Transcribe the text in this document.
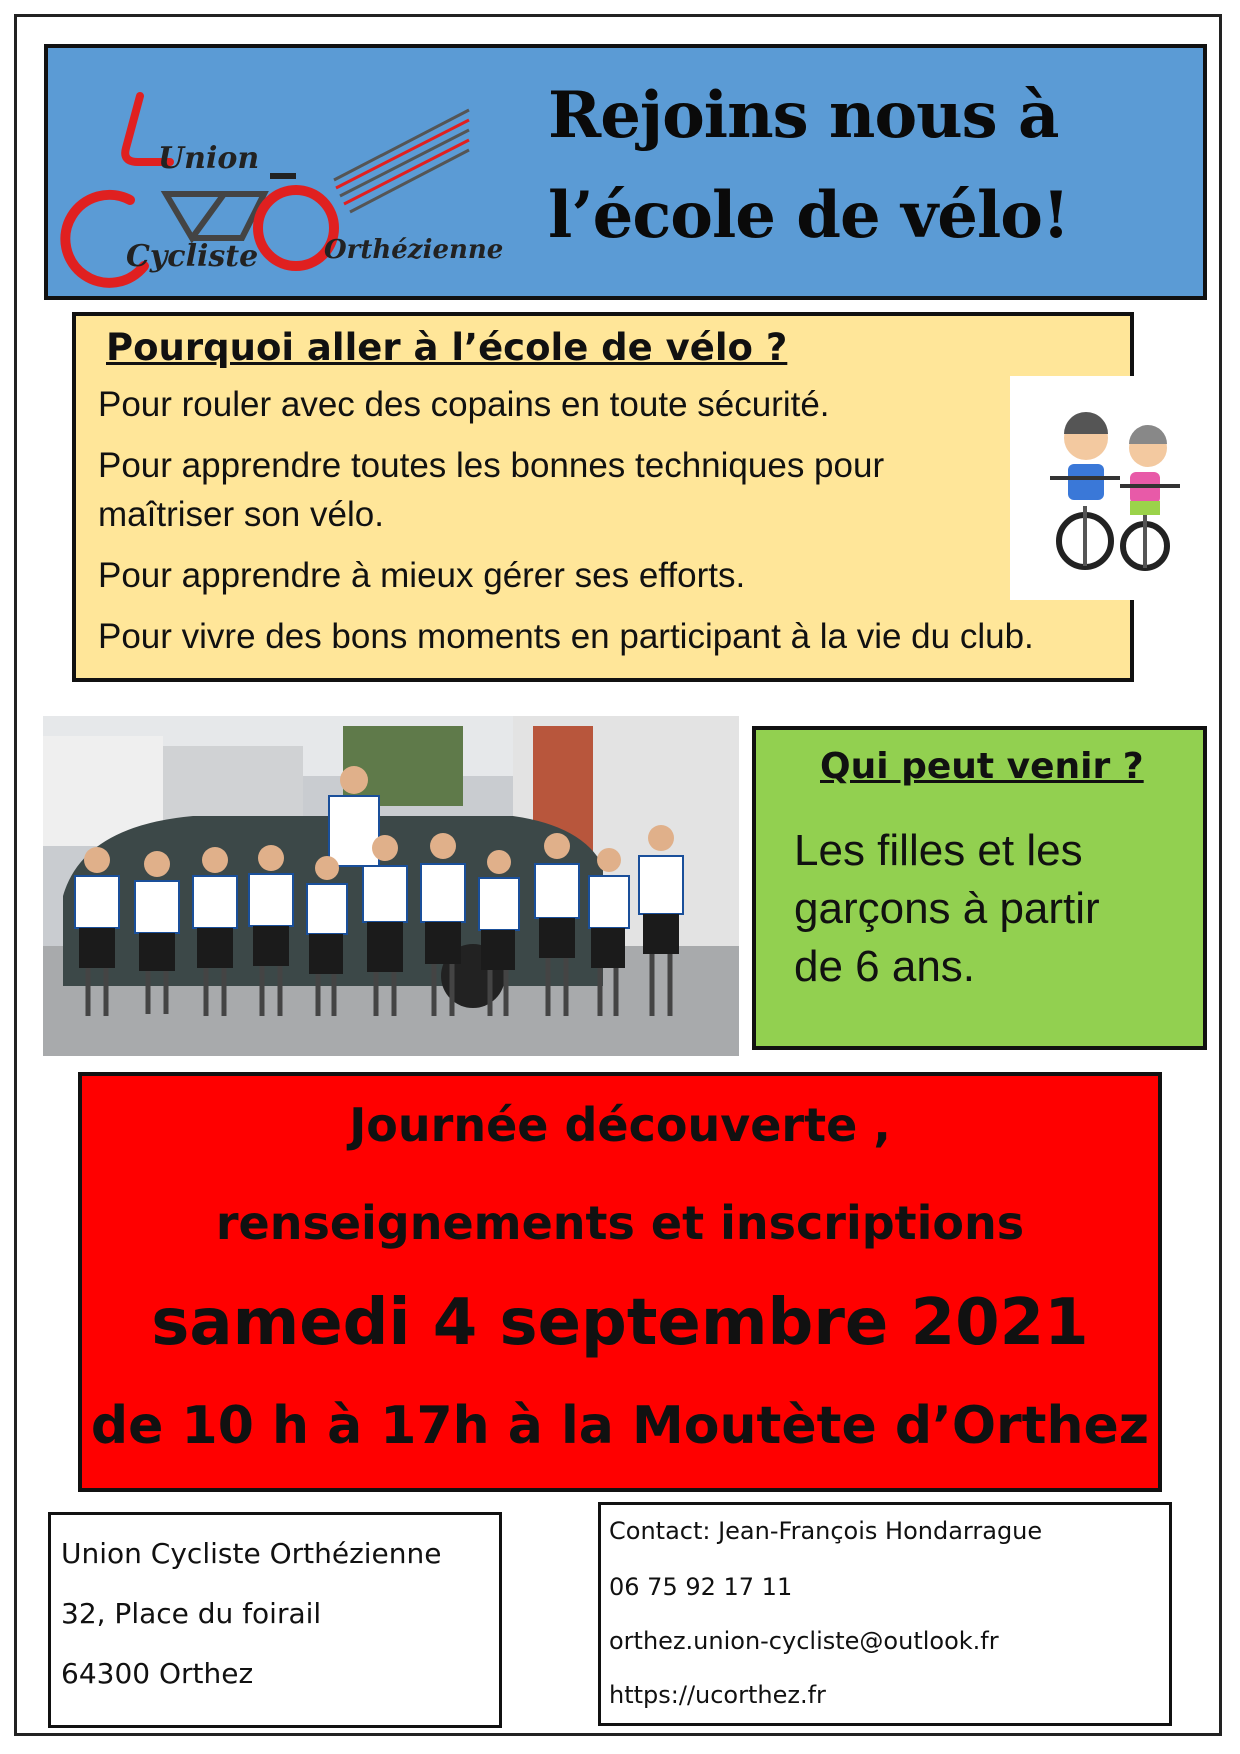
Union
Cycliste	Orthézienne
Rejoins nous à
l’école de vélo!
Pourquoi aller à l’école de vélo ?
Pour rouler avec des copains en toute sécurité.
Pour apprendre toutes les bonnes techniques pour maîtriser son vélo.
Pour apprendre à mieux gérer ses efforts.
Pour vivre des bons moments en participant à la vie du club.
Qui peut venir ?
Les filles et les
garçons à partir
de 6 ans.
Journée découverte ,
renseignements et inscriptions
samedi 4 septembre 2021
de 10 h à 17h à la Moutète d’Orthez
Union Cycliste Orthézienne
32, Place du foirail
64300 Orthez
Contact: Jean-François Hondarrague
06 75 92 17 11
orthez.union-cycliste@outlook.fr
https://ucorthez.fr
